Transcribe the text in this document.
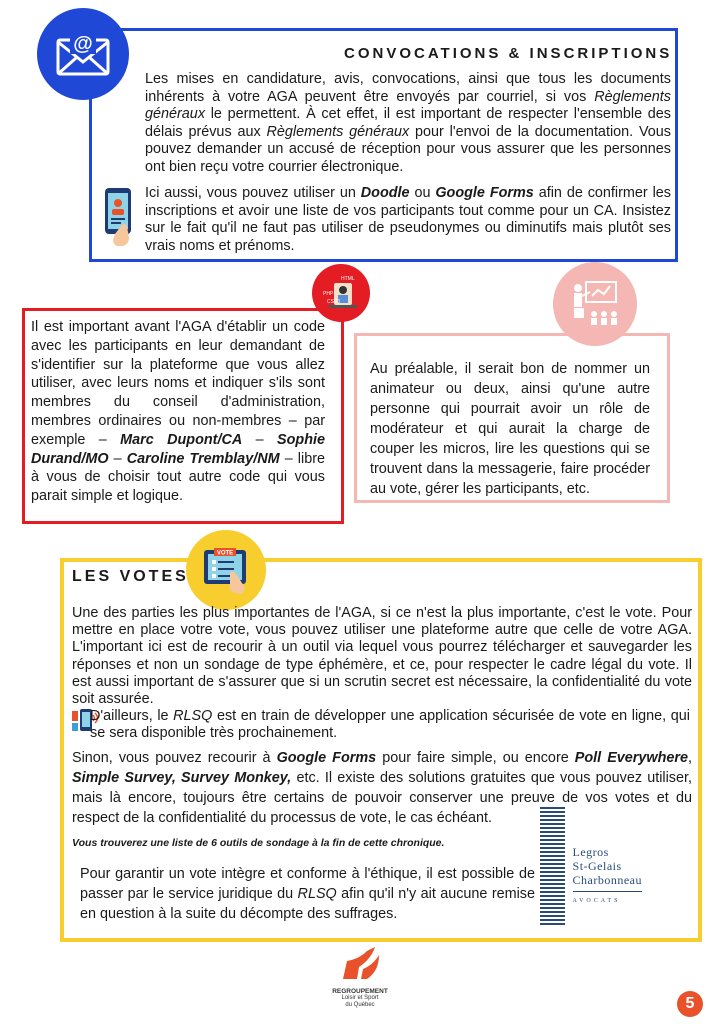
@	CONVOCATIONS & INSCRIPTIONS
Les mises en candidature, avis, convocations, ainsi que tous les documents inhérents à votre AGA peuvent être envoyés par courriel, si vos Règlements généraux le permettent. À cet effet, il est important de respecter l'ensemble des délais prévus aux Règlements généraux pour l'envoi de la documentation. Vous pouvez demander un accusé de réception pour vous assurer que les personnes ont bien reçu votre courrier électronique.
Ici aussi, vous pouvez utiliser un Doodle ou Google Forms afin de confirmer les inscriptions et avoir une liste de vos participants tout comme pour un CA. Insistez sur le fait qu'il ne faut pas utiliser de pseudonymes ou diminutifs mais plutôt ses vrais noms et prénoms.
HTML
PHP
CSS3
Il est important avant l'AGA d'établir un code avec les participants en leur demandant de s'identifier sur la plateforme que vous allez utiliser, avec leurs noms et indiquer s'ils sont membres du conseil d'administration, membres ordinaires ou non-membres – par exemple – Marc Dupont/CA – Sophie Durand/MO – Caroline Tremblay/NM – libre à vous de choisir tout autre code qui vous parait simple et logique.
Au préalable, il serait bon de nommer un animateur ou deux, ainsi qu'une autre personne qui pourrait avoir un rôle de modérateur et qui aurait la charge de couper les micros, lire les questions qui se trouvent dans la messagerie, faire procéder au vote, gérer les participants, etc.
VOTE
LES VOTES
Une des parties les plus importantes de l'AGA, si ce n'est la plus importante, c'est le vote. Pour mettre en place votre vote, vous pouvez utiliser une plateforme autre que celle de votre AGA. L'important ici est de recourir à un outil via lequel vous pourrez télécharger et sauvegarder les réponses et non un sondage de type éphémère, et ce, pour respecter le cadre légal du vote. Il est aussi important de s'assurer que si un scrutin secret est nécessaire, la confidentialité du vote soit assurée.
D'ailleurs, le RLSQ est en train de développer une application sécurisée de vote en ligne, qui se sera disponible très prochainement.
Sinon, vous pouvez recourir à Google Forms pour faire simple, ou encore Poll Everywhere, Simple Survey, Survey Monkey, etc. Il existe des solutions gratuites que vous pouvez utiliser, mais là encore, toujours être certains de pouvoir conserver une preuve de vos votes et du respect de la confidentialité du processus de vote, le cas échéant.
Vous trouverez une liste de 6 outils de sondage à la fin de cette chronique.
Pour garantir un vote intègre et conforme à l'éthique, il est possible de passer par le service juridique du RLSQ afin qu'il n'y ait aucune remise en question à la suite du décompte des suffrages.
Legros
St-Gelais
Charbonneau
AVOCATS
REGROUPEMENT
Loisir et Sport
du Québec	5
